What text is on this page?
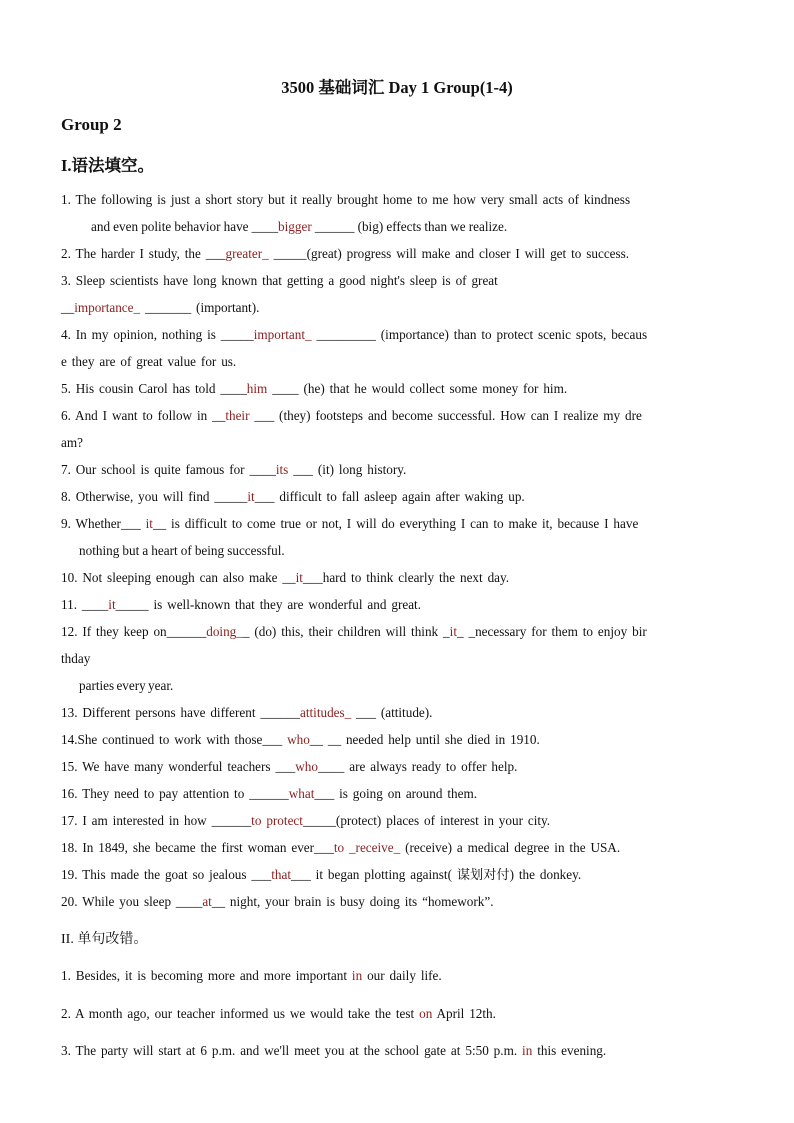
3500 基础词汇 Day 1 Group(1-4)
Group 2
I.语法填空。
1. The following is just a short story but it really brought home to me how very small acts of kindness
and even polite behavior have ____bigger ______ (big) effects than we realize.
2. The harder I study, the ___greater_ _____(great) progress will make and closer I will get to success.
3. Sleep scientists have long known that getting a good night's sleep is of great
__importance_ _______ (important).
4. In my opinion, nothing is _____important_ _________ (importance) than to protect scenic spots, becaus
e they are of great value for us.
5. His cousin Carol has told ____him ____ (he) that he would collect some money for him.
6. And I want to follow in __their ___ (they) footsteps and become successful. How can I realize my dre
am?
7. Our school is quite famous for ____its ___ (it) long history.
8. Otherwise, you will find _____it___ difficult to fall asleep again after waking up.
9. Whether___ it__ is difficult to come true or not, I will do everything I can to make it, because I have
nothing but a heart of being successful.
10. Not sleeping enough can also make __it___hard to think clearly the next day.
11. ____it_____ is well-known that they are wonderful and great.
12. If they keep on______doing__ (do) this, their children will think _it_ _necessary for them to enjoy bir
thday
parties every year.
13. Different persons have different ______attitudes_ ___ (attitude).
14.She continued to work with those___ who__ __ needed help until she died in 1910.
15. We have many wonderful teachers ___who____ are always ready to offer help.
16. They need to pay attention to ______what___ is going on around them.
17. I am interested in how ______to protect_____(protect) places of interest in your city.
18. In 1849, she became the first woman ever___to _receive_ (receive) a medical degree in the USA.
19. This made the goat so jealous ___that___ it began plotting against( 谋划对付) the donkey.
20. While you sleep ____at__ night, your brain is busy doing its “homework”.
II. 单句改错。
1. Besides, it is becoming more and more important in our daily life.
2. A month ago, our teacher informed us we would take the test on April 12th.
3. The party will start at 6 p.m. and we'll meet you at the school gate at 5:50 p.m. in this evening.
